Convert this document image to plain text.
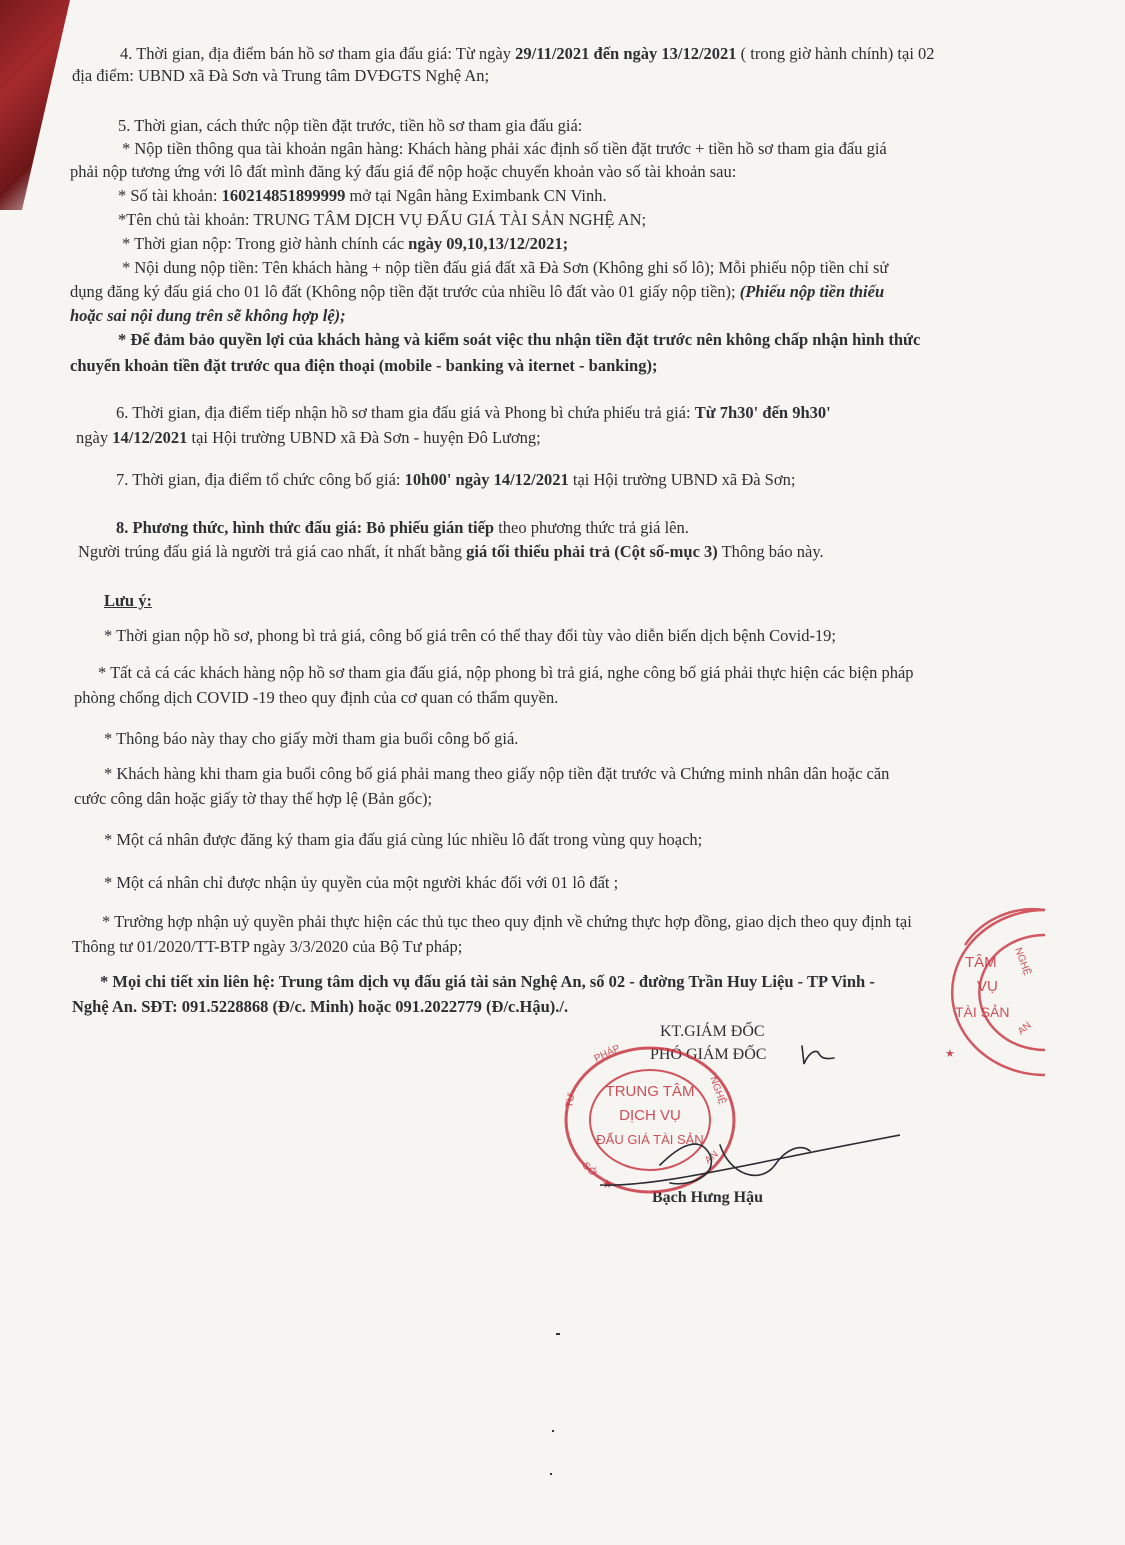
4. Thời gian, địa điểm bán hồ sơ tham gia đấu giá: Từ ngày 29/11/2021 đến ngày 13/12/2021 ( trong giờ hành chính) tại 02
địa điểm: UBND xã Đà Sơn và Trung tâm DVĐGTS Nghệ An;
5. Thời gian, cách thức nộp tiền đặt trước, tiền hồ sơ tham gia đấu giá:
* Nộp tiền thông qua tài khoản ngân hàng: Khách hàng phải xác định số tiền đặt trước + tiền hồ sơ tham gia đấu giá
phải nộp tương ứng với lô đất mình đăng ký đấu giá để nộp hoặc chuyển khoản vào số tài khoản sau:
* Số tài khoản: 160214851899999 mở tại Ngân hàng Eximbank CN Vinh.
*Tên chủ tài khoản: TRUNG TÂM DỊCH VỤ ĐẤU GIÁ TÀI SẢN NGHỆ AN;
* Thời gian nộp: Trong giờ hành chính các ngày 09,10,13/12/2021;
* Nội dung nộp tiền: Tên khách hàng + nộp tiền đấu giá đất xã Đà Sơn (Không ghi số lô); Mỗi phiếu nộp tiền chỉ sử
dụng đăng ký đấu giá cho 01 lô đất (Không nộp tiền đặt trước của nhiều lô đất vào 01 giấy nộp tiền); (Phiếu nộp tiền thiếu
hoặc sai nội dung trên sẽ không hợp lệ);
* Để đảm bảo quyền lợi của khách hàng và kiểm soát việc thu nhận tiền đặt trước nên không chấp nhận hình thức
chuyển khoản tiền đặt trước qua điện thoại (mobile - banking và iternet - banking);
6. Thời gian, địa điểm tiếp nhận hồ sơ tham gia đấu giá và Phong bì chứa phiếu trả giá: Từ 7h30' đến 9h30'
ngày 14/12/2021 tại Hội trường UBND xã Đà Sơn - huyện Đô Lương;
7. Thời gian, địa điểm tổ chức công bố giá: 10h00' ngày 14/12/2021 tại Hội trường UBND xã Đà Sơn;
8. Phương thức, hình thức đấu giá: Bỏ phiếu gián tiếp theo phương thức trả giá lên.
Người trúng đấu giá là người trả giá cao nhất, ít nhất bằng giá tối thiểu phải trả (Cột số-mục 3) Thông báo này.
Lưu ý:
* Thời gian nộp hồ sơ, phong bì trả giá, công bố giá trên có thể thay đổi tùy vào diễn biến dịch bệnh Covid-19;
* Tất cả cá các khách hàng nộp hồ sơ tham gia đấu giá, nộp phong bì trả giá, nghe công bố giá phải thực hiện các biện pháp
phòng chống dịch COVID -19 theo quy định của cơ quan có thẩm quyền.
* Thông báo này thay cho giấy mời tham gia buổi công bố giá.
* Khách hàng khi tham gia buổi công bố giá phải mang theo giấy nộp tiền đặt trước và Chứng minh nhân dân hoặc căn
cước công dân hoặc giấy tờ thay thế hợp lệ (Bản gốc);
* Một cá nhân được đăng ký tham gia đấu giá cùng lúc nhiều lô đất trong vùng quy hoạch;
* Một cá nhân chỉ được nhận ủy quyền của một người khác đối với 01 lô đất ;
* Trường hợp nhận uỷ quyền phải thực hiện các thủ tục theo quy định về chứng thực hợp đồng, giao dịch theo quy định tại
Thông tư 01/2020/TT-BTP ngày 3/3/2020 của Bộ Tư pháp;
* Mọi chi tiết xin liên hệ: Trung tâm dịch vụ đấu giá tài sản Nghệ An, số 02 - đường Trần Huy Liệu - TP Vinh -
Nghệ An. SĐT: 091.5228868 (Đ/c. Minh) hoặc 091.2022779 (Đ/c.Hậu)./.
KT.GIÁM ĐỐC
PHÓ GIÁM ĐỐC
Bạch Hưng Hậu
TRUNG TÂM
DỊCH VỤ
ĐẤU GIÁ TÀI SẢN
PHÁP
TƯ	NGHỆ
AN
SỞ
★
TÂM
VỤ
TÀI SẢN
NGHỆ
AN
★
